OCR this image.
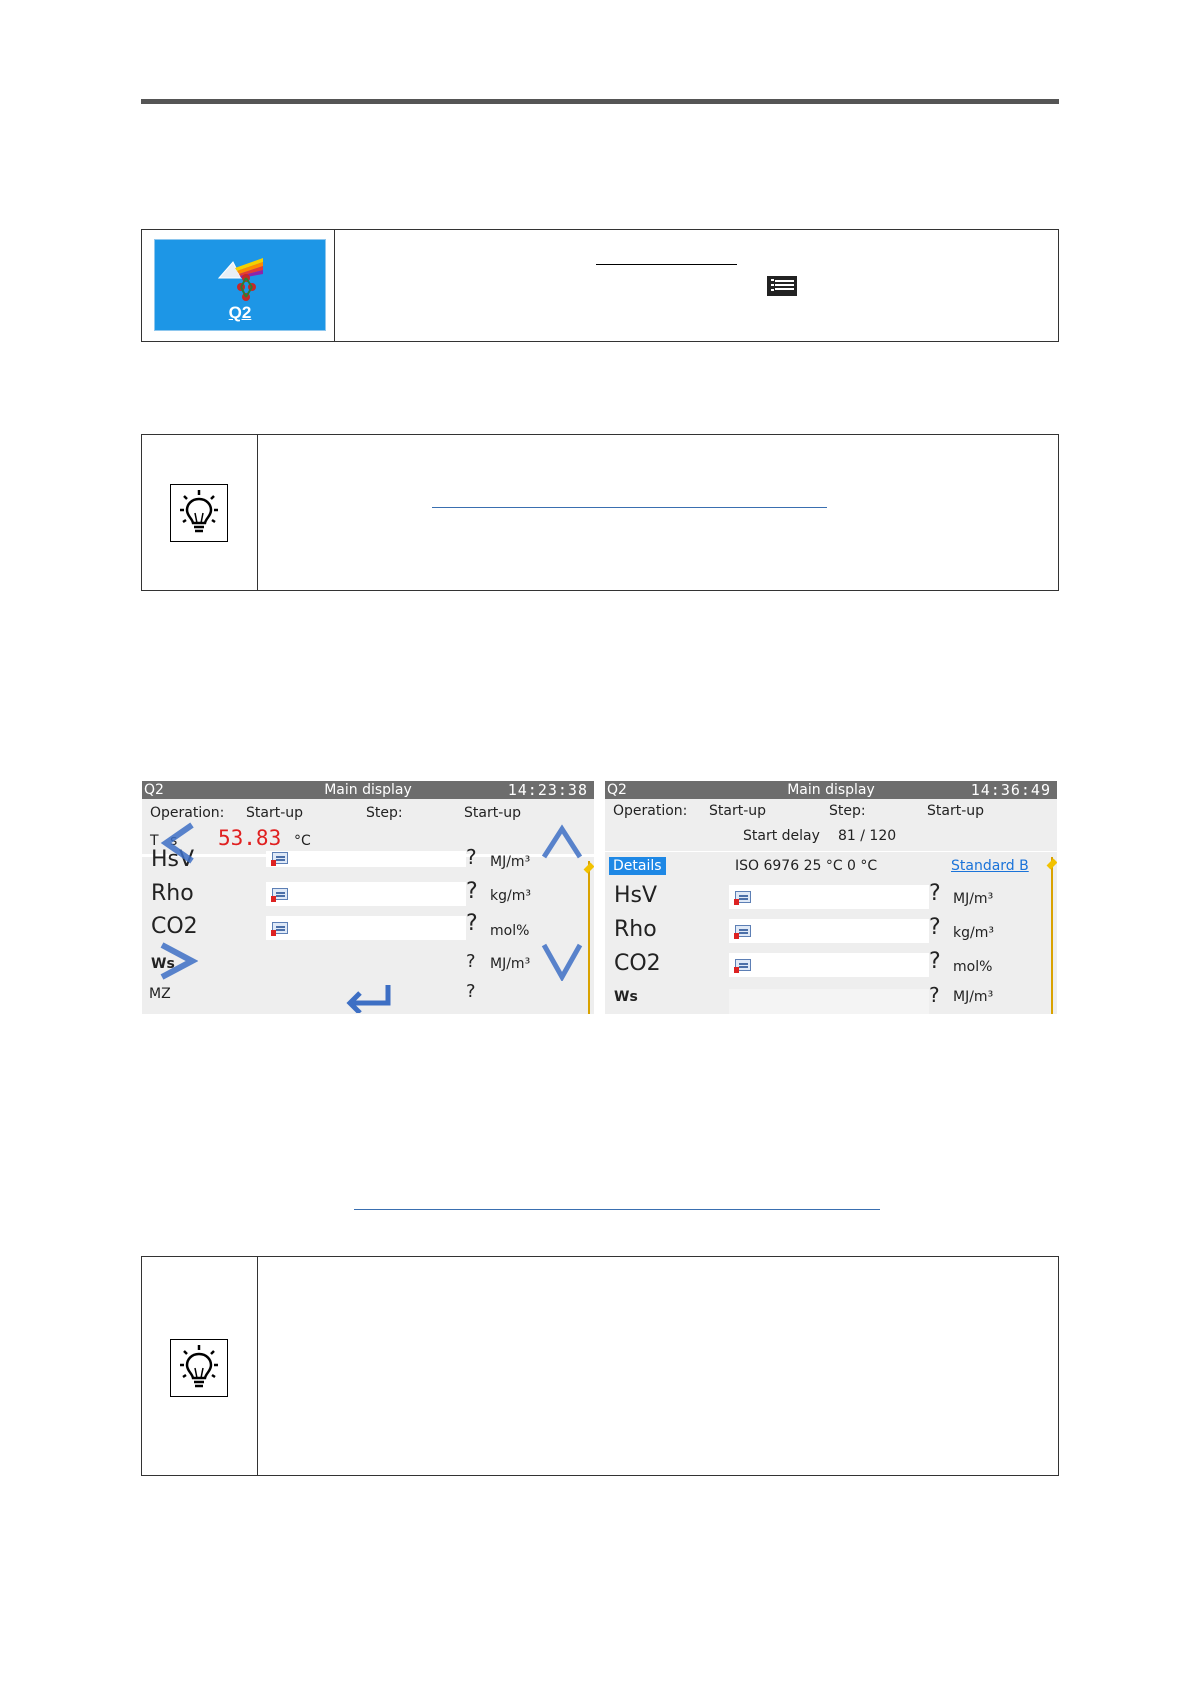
Q2
Q2	Main display	14:23:38
Operation: Start-up	Step:	Start-up
T s 53.83 °C
HsV	? MJ/m³
Rho	? kg/m³
CO2	? mol%
Ws	? MJ/m³
MZ	?
Q2	Main display	14:36:49
Operation: Start-up	Step:	Start-up
Start delay 81 / 120
Details	ISO 6976 25 °C 0 °C	Standard B
HsV	? MJ/m³
Rho	? kg/m³
CO2	? mol%
Ws	? MJ/m³
